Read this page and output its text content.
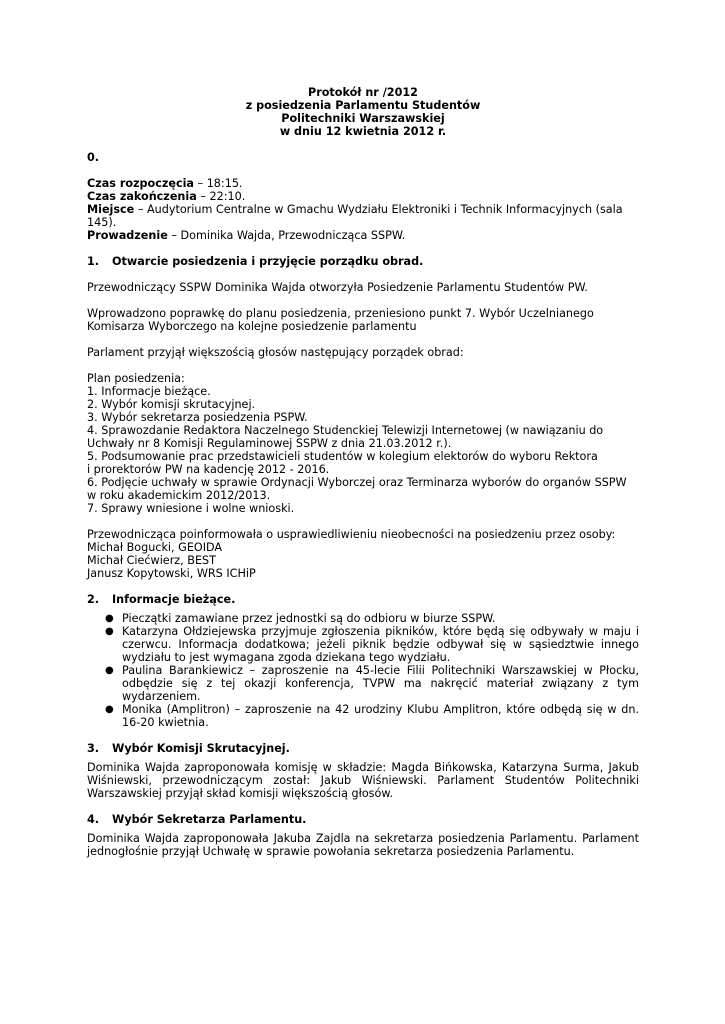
Protokół nr /2012
z posiedzenia Parlamentu Studentów
Politechniki Warszawskiej
w dniu 12 kwietnia 2012 r.

0.

Czas rozpoczęcia – 18:15.

Czas zakończenia – 22:10.

Miejsce – Audytorium Centralne w Gmachu Wydziału Elektroniki i Technik Informacyjnych (sala

145).

Prowadzenie – Dominika Wajda, Przewodnicząca SSPW.

1.	Otwarcie posiedzenia i przyjęcie porządku obrad.

Przewodniczący SSPW Dominika Wajda otworzyła Posiedzenie Parlamentu Studentów PW.

Wprowadzono poprawkę do planu posiedzenia, przeniesiono punkt 7. Wybór Uczelnianego

Komisarza Wyborczego na kolejne posiedzenie parlamentu

Parlament przyjął większością głosów następujący porządek obrad:

Plan posiedzenia:

1. Informacje bieżące.

2. Wybór komisji skrutacyjnej.

3. Wybór sekretarza posiedzenia PSPW.

4. Sprawozdanie Redaktora Naczelnego Studenckiej Telewizji Internetowej (w nawiązaniu do

Uchwały nr 8 Komisji Regulaminowej SSPW z dnia 21.03.2012 r.).

5. Podsumowanie prac przedstawicieli studentów w kolegium elektorów do wyboru Rektora

i prorektorów PW na kadencję 2012 - 2016.

6. Podjęcie uchwały w sprawie Ordynacji Wyborczej oraz Terminarza wyborów do organów SSPW

w roku akademickim 2012/2013.

7. Sprawy wniesione i wolne wnioski.

Przewodnicząca poinformowała o usprawiedliwieniu nieobecności na posiedzeniu przez osoby:

Michał Bogucki, GEOIDA

Michał Ciećwierz, BEST

Janusz Kopytowski, WRS ICHiP

2.	Informacje bieżące.
● Pieczątki zamawiane przez jednostki są do odbioru w biurze SSPW.
● Katarzyna Ołdziejewska przyjmuje zgłoszenia pikników, które będą się odbywały w maju i czerwcu. Informacja dodatkowa; jeżeli piknik będzie odbywał się w sąsiedztwie innego wydziału to jest wymagana zgoda dziekana tego wydziału.
● Paulina Barankiewicz – zaproszenie na 45-lecie Filii Politechniki Warszawskiej w Płocku, odbędzie się z tej okazji konferencja, TVPW ma nakręcić materiał związany z tym wydarzeniem.
● Monika (Amplitron) – zaproszenie na 42 urodziny Klubu Amplitron, które odbędą się w dn. 16-20 kwietnia.
3.	Wybór Komisji Skrutacyjnej.

Dominika Wajda zaproponowała komisję w składzie: Magda Bińkowska, Katarzyna Surma, Jakub Wiśniewski, przewodniczącym został: Jakub Wiśniewski. Parlament Studentów Politechniki Warszawskiej przyjął skład komisji większością głosów.

4.	Wybór Sekretarza Parlamentu.

Dominika Wajda zaproponowała Jakuba Zajdla na sekretarza posiedzenia Parlamentu. Parlament jednogłośnie przyjął Uchwałę w sprawie powołania sekretarza posiedzenia Parlamentu.
